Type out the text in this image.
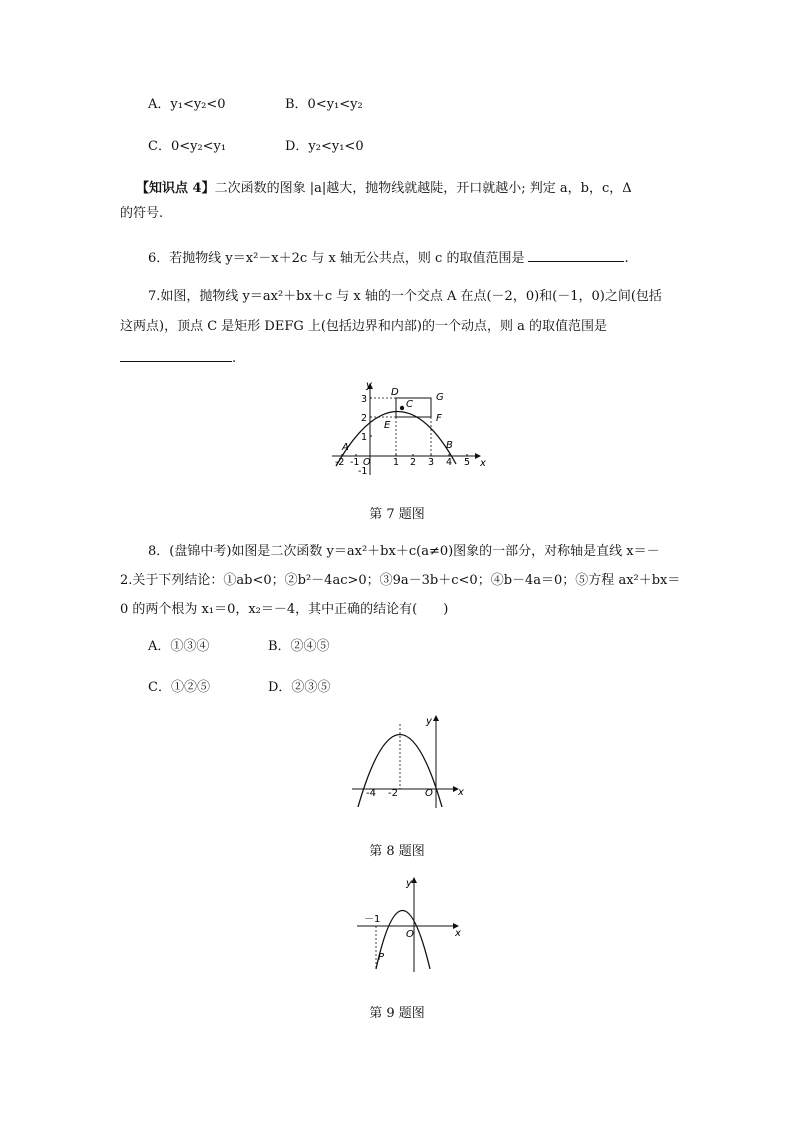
A．y₁<y₂<0	B．0<y₁<y₂
C．0<y₂<y₁	D．y₂<y₁<0
【知识点 4】二次函数的图象 |a|越大，抛物线就越陡，开口就越小; 判定 a，b，c，Δ
的符号.
6．若抛物线 y＝x²－x＋2c 与 x 轴无公共点，则 c 的取值范围是	.
7.如图，抛物线 y＝ax²＋bx＋c 与 x 轴的一个交点 A 在点(－2，0)和(－1，0)之间(包括
这两点)，顶点 C 是矩形 DEFG 上(包括边界和内部)的一个动点，则 a 的取值范围是
.
y
x
A	B
C
D
E
F
G
-2 -1 O 1 2 3 4 5
3
2
1
-1
第 7 题图
8．(盘锦中考)如图是二次函数 y＝ax²＋bx＋c(a≠0)图象的一部分，对称轴是直线 x＝－
2.关于下列结论：①ab<0；②b²－4ac>0；③9a－3b＋c<0；④b－4a＝0；⑤方程 ax²＋bx＝
0 的两个根为 x₁＝0，x₂＝－4，其中正确的结论有(　　)
A．①③④	B．②④⑤
C．①②⑤	D．②③⑤
y
x
-4 -2	O
第 8 题图
y
x
－1
O
P
第 9 题图
